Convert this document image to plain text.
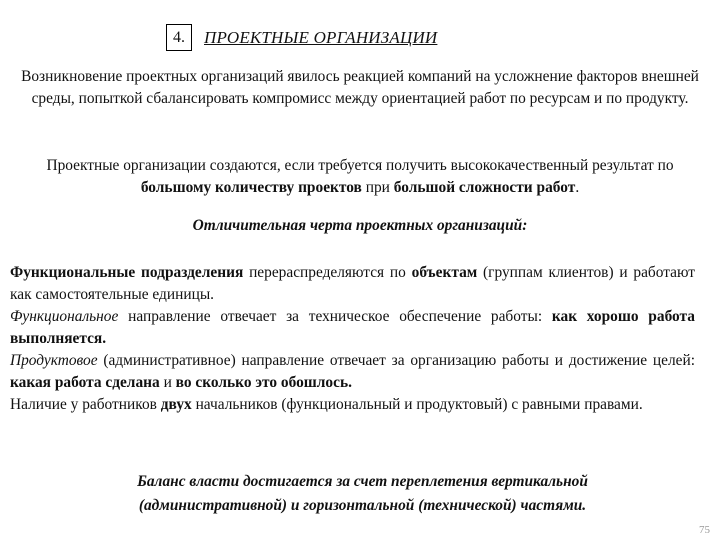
4.	ПРОЕКТНЫЕ ОРГАНИЗАЦИИ
Возникновение проектных организаций явилось реакцией компаний на усложнение факторов внешней среды, попыткой сбалансировать компромисс между ориентацией работ по ресурсам и по продукту.
Проектные организации создаются, если требуется получить высококачественный результат по большому количеству проектов при большой сложности работ.
Отличительная черта проектных организаций:

Функциональные подразделения перераспределяются по объектам (группам клиентов) и работают как самостоятельные единицы.

Функциональное направление отвечает за техническое обеспечение работы: как хорошо работа выполняется.

Продуктовое (административное) направление отвечает за организацию работы и достижение целей: какая работа сделана и во сколько это обошлось.

Наличие у работников двух начальников (функциональный и продуктовый) с равными правами.

Баланс власти достигается за счет переплетения вертикальной (административной) и горизонтальной (технической) частями.
75
